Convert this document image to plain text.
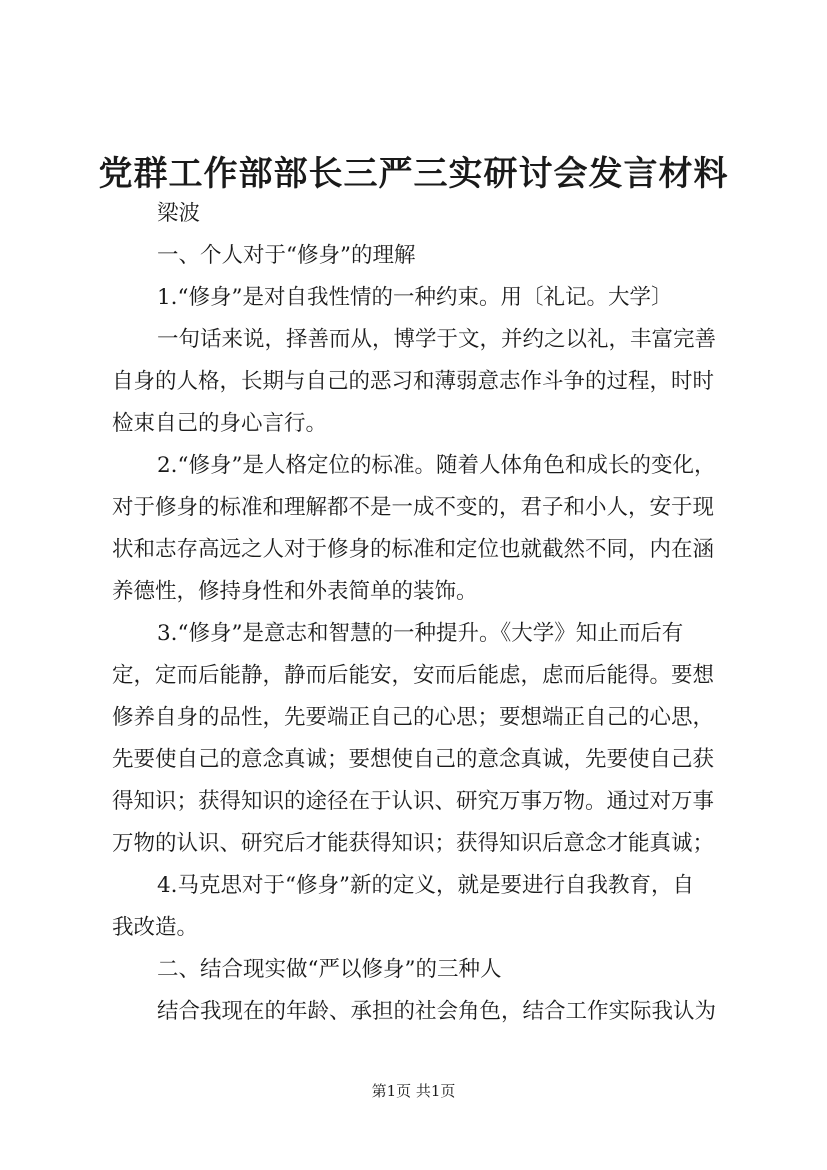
党群工作部部长三严三实研讨会发言材料
梁波
一、个人对于“修身”的理解
1.“修身”是对自我性情的一种约束。用〔礼记。大学〕
一句话来说，择善而从，博学于文，并约之以礼，丰富完善
自身的人格，长期与自己的恶习和薄弱意志作斗争的过程，时时
检束自己的身心言行。
2.“修身”是人格定位的标准。随着人体角色和成长的变化，
对于修身的标准和理解都不是一成不变的，君子和小人，安于现
状和志存高远之人对于修身的标准和定位也就截然不同，内在涵
养德性，修持身性和外表简单的装饰。
3.“修身”是意志和智慧的一种提升。《大学》知止而后有
定，定而后能静，静而后能安，安而后能虑，虑而后能得。要想
修养自身的品性，先要端正自己的心思；要想端正自己的心思，
先要使自己的意念真诚；要想使自己的意念真诚，先要使自己获
得知识；获得知识的途径在于认识、研究万事万物。通过对万事
万物的认识、研究后才能获得知识；获得知识后意念才能真诚；
4.马克思对于“修身”新的定义，就是要进行自我教育，自
我改造。
二、结合现实做“严以修身”的三种人
结合我现在的年龄、承担的社会角色，结合工作实际我认为
第1页 共1页
